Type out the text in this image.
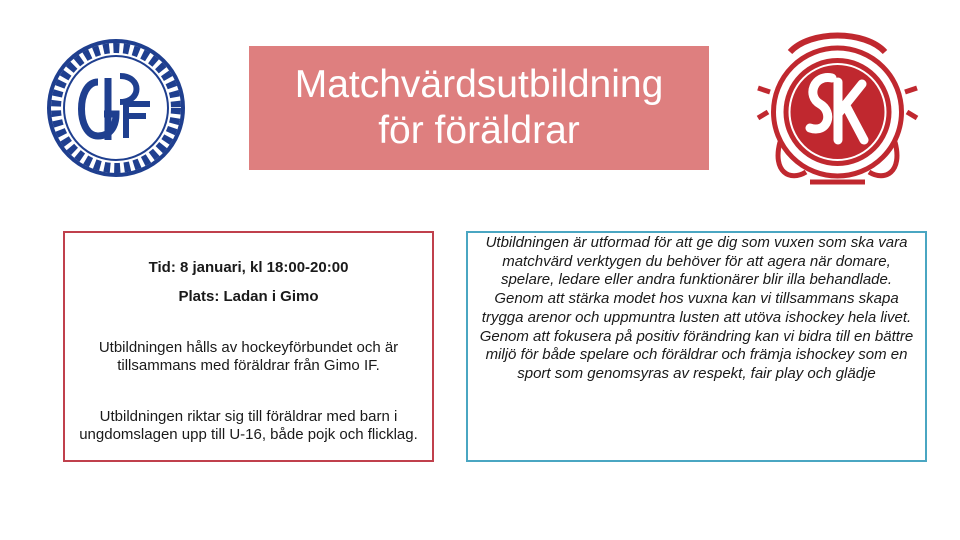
Matchvärdsutbildning
för föräldrar
Tid: 8 januari, kl 18:00-20:00
Plats: Ladan i Gimo
Utbildningen hålls av hockeyförbundet och är tillsammans med föräldrar från Gimo IF.
Utbildningen riktar sig till föräldrar med barn i ungdomslagen upp till U-16, både pojk och flicklag.
Utbildningen är utformad för att ge dig som vuxen som ska vara matchvärd verktygen du behöver för att agera när domare, spelare, ledare eller andra funktionärer blir illa behandlade. Genom att stärka modet hos vuxna kan vi tillsammans skapa trygga arenor och uppmuntra lusten att utöva ishockey hela livet. Genom att fokusera på positiv förändring kan vi bidra till en bättre miljö för både spelare och föräldrar och främja ishockey som en sport som genomsyras av respekt, fair play och glädje
